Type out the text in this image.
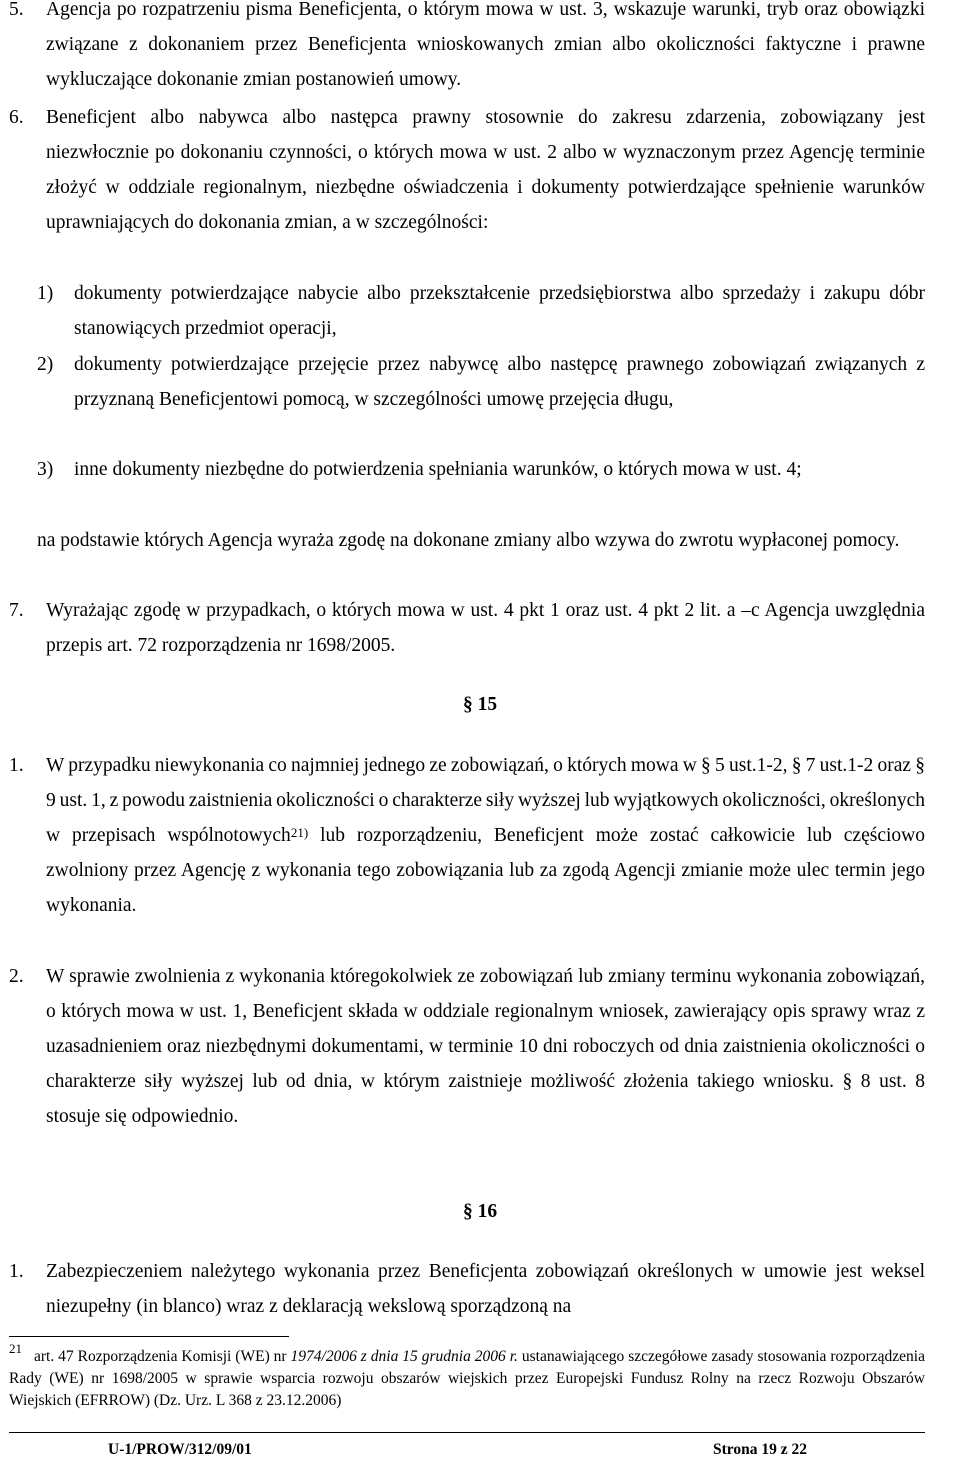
5. Agencja po rozpatrzeniu pisma Beneficjenta, o którym mowa w ust. 3, wskazuje warunki, tryb oraz obowiązki związane z dokonaniem przez Beneficjenta wnioskowanych zmian albo okoliczności faktyczne i prawne wykluczające dokonanie zmian postanowień umowy.
6. Beneficjent albo nabywca albo następca prawny stosownie do zakresu zdarzenia, zobowiązany jest niezwłocznie po dokonaniu czynności, o których mowa w ust. 2 albo w wyznaczonym przez Agencję terminie złożyć w oddziale regionalnym, niezbędne oświadczenia i dokumenty potwierdzające spełnienie warunków uprawniających do dokonania zmian, a w szczególności:
1) dokumenty potwierdzające nabycie albo przekształcenie przedsiębiorstwa albo sprzedaży i zakupu dóbr stanowiących przedmiot operacji,
2) dokumenty potwierdzające przejęcie przez nabywcę albo następcę prawnego zobowiązań związanych z przyznaną Beneficjentowi pomocą, w szczególności umowę przejęcia długu,
3) inne dokumenty niezbędne do potwierdzenia spełniania warunków, o których mowa w ust. 4;
na podstawie których Agencja wyraża zgodę na dokonane zmiany albo wzywa do zwrotu wypłaconej pomocy.
7. Wyrażając zgodę w przypadkach, o których mowa w ust. 4 pkt 1 oraz ust. 4 pkt 2 lit. a –c Agencja uwzględnia przepis art. 72 rozporządzenia nr 1698/2005.
§ 15
1. W przypadku niewykonania co najmniej jednego ze zobowiązań, o których mowa w § 5 ust.1-2, § 7 ust.1-2 oraz § 9 ust. 1, z powodu zaistnienia okoliczności o charakterze siły wyższej lub wyjątkowych okoliczności, określonych w przepisach wspólnotowych$^{21)}$ lub rozporządzeniu, Beneficjent może zostać całkowicie lub częściowo zwolniony przez Agencję z wykonania tego zobowiązania lub za zgodą Agencji zmianie może ulec termin jego wykonania.
2. W sprawie zwolnienia z wykonania któregokolwiek ze zobowiązań lub zmiany terminu wykonania zobowiązań, o których mowa w ust. 1, Beneficjent składa w oddziale regionalnym wniosek, zawierający opis sprawy wraz z uzasadnieniem oraz niezbędnymi dokumentami, w terminie 10 dni roboczych od dnia zaistnienia okoliczności o charakterze siły wyższej lub od dnia, w którym zaistnieje możliwość złożenia takiego wniosku. § 8 ust. 8 stosuje się odpowiednio.
§ 16
1. Zabezpieczeniem należytego wykonania przez Beneficjenta zobowiązań określonych w umowie jest weksel niezupełny (in blanco) wraz z deklaracją wekslową sporządzoną na
$^{21}$ art. 47 Rozporządzenia Komisji (WE) nr 1974/2006 z dnia 15 grudnia 2006 r. ustanawiającego szczegółowe zasady stosowania rozporządzenia Rady (WE) nr 1698/2005 w sprawie wsparcia rozwoju obszarów wiejskich przez Europejski Fundusz Rolny na rzecz Rozwoju Obszarów Wiejskich (EFRROW) (Dz. Urz. L 368 z 23.12.2006)
U-1/PROW/312/09/01	Strona 19 z 22
